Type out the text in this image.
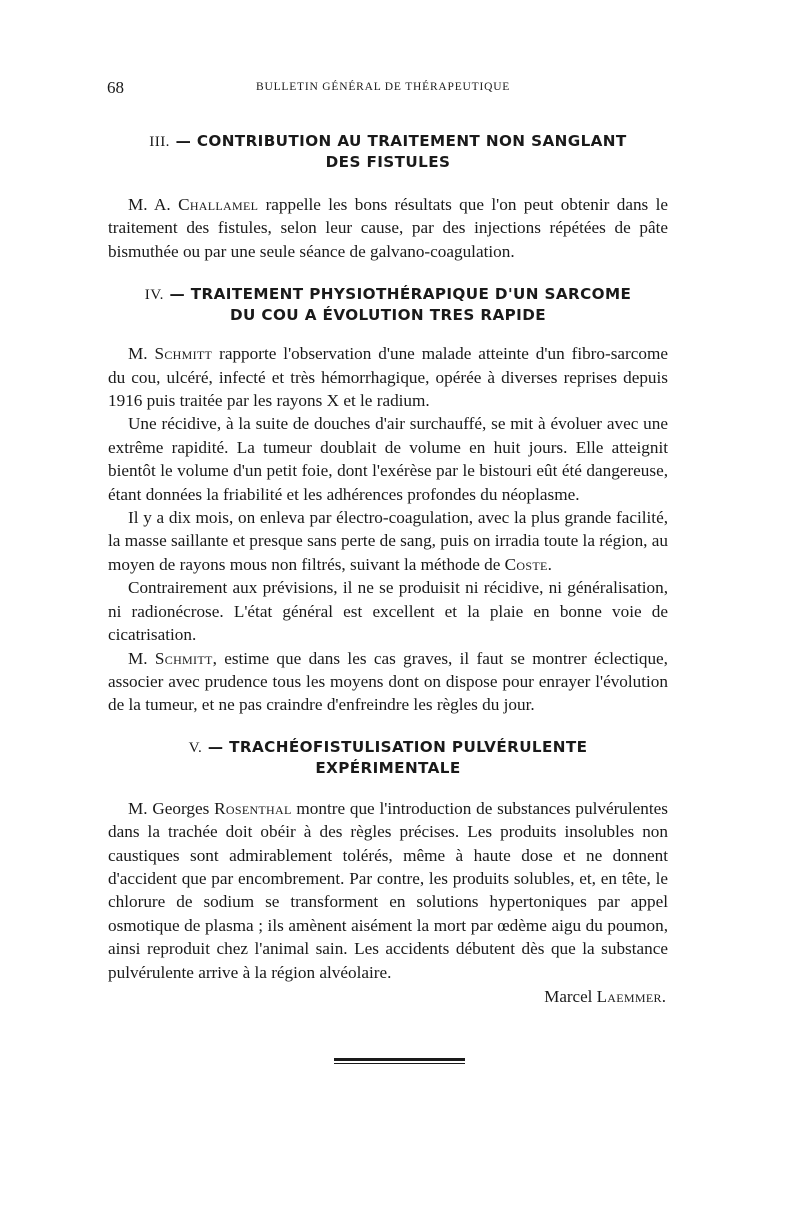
68	BULLETIN GÉNÉRAL DE THÉRAPEUTIQUE
III. — CONTRIBUTION AU TRAITEMENT NON SANGLANT
DES FISTULES

M. A. Challamel rappelle les bons résultats que l'on peut obtenir dans le traitement des fistules, selon leur cause, par des injections répétées de pâte bismuthée ou par une seule séance de galvano-coagulation.

IV. — TRAITEMENT PHYSIOTHÉRAPIQUE D'UN SARCOME
DU COU A ÉVOLUTION TRES RAPIDE

M. Schmitt rapporte l'observation d'une malade atteinte d'un fibro-sarcome du cou, ulcéré, infecté et très hémorrhagique, opérée à diverses reprises depuis 1916 puis traitée par les rayons X et le radium.

Une récidive, à la suite de douches d'air surchauffé, se mit à évoluer avec une extrême rapidité. La tumeur doublait de volume en huit jours. Elle atteignit bientôt le volume d'un petit foie, dont l'exérèse par le bistouri eût été dangereuse, étant données la friabilité et les adhérences profondes du néoplasme.

Il y a dix mois, on enleva par électro-coagulation, avec la plus grande facilité, la masse saillante et presque sans perte de sang, puis on irradia toute la région, au moyen de rayons mous non filtrés, suivant la méthode de Coste.

Contrairement aux prévisions, il ne se produisit ni récidive, ni généralisation, ni radionécrose. L'état général est excellent et la plaie en bonne voie de cicatrisation.

M. Schmitt, estime que dans les cas graves, il faut se montrer éclectique, associer avec prudence tous les moyens dont on dispose pour enrayer l'évolution de la tumeur, et ne pas craindre d'enfreindre les règles du jour.

V. — TRACHÉOFISTULISATION PULVÉRULENTE
EXPÉRIMENTALE

M. Georges Rosenthal montre que l'introduction de substances pulvérulentes dans la trachée doit obéir à des règles précises. Les produits insolubles non caustiques sont admirablement tolérés, même à haute dose et ne donnent d'accident que par encombrement. Par contre, les produits solubles, et, en tête, le chlorure de sodium se transforment en solutions hypertoniques par appel osmotique de plasma ; ils amènent aisément la mort par œdème aigu du poumon, ainsi reproduit chez l'animal sain. Les accidents débutent dès que la substance pulvérulente arrive à la région alvéolaire.

Marcel Laemmer.
